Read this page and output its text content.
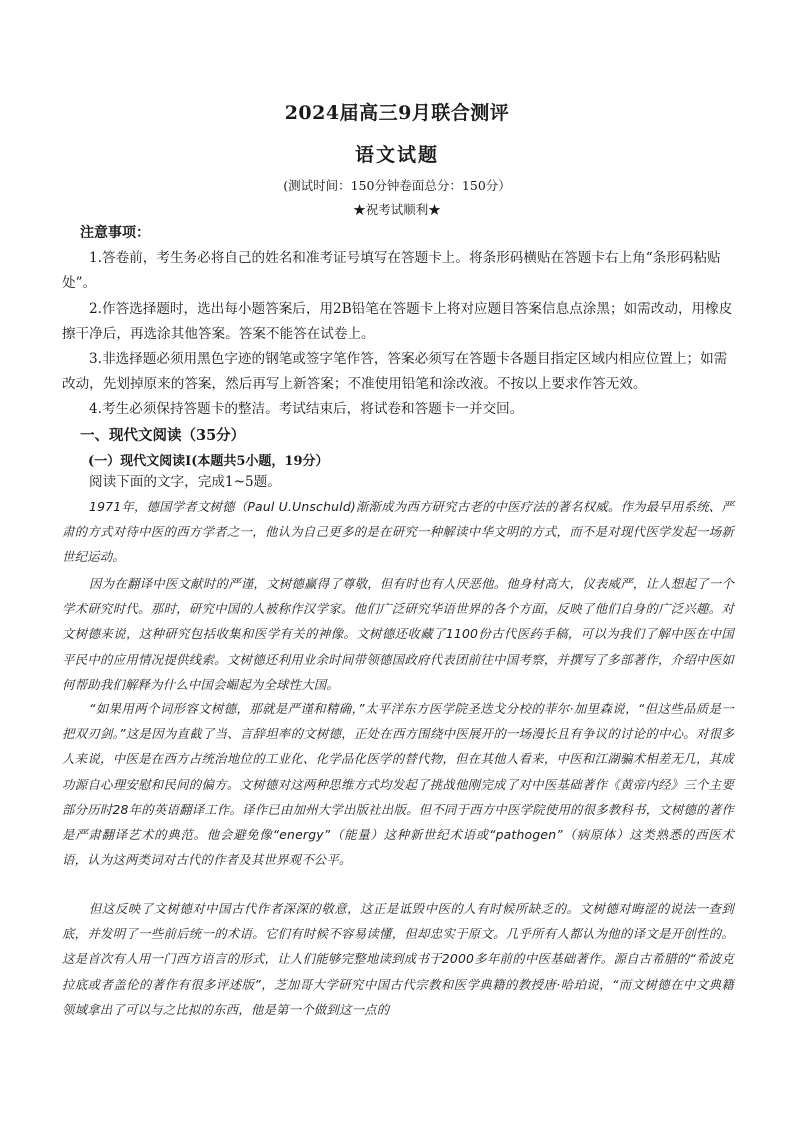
2024届高三9月联合测评
语文试题

(测试时间：150分钟卷面总分：150分）

★祝考试顺利★

注意事项：

1.答卷前，考生务必将自己的姓名和准考证号填写在答题卡上。将条形码横贴在答题卡右上角“条形码粘贴处”。

2.作答选择题时，选出每小题答案后，用2B铅笔在答题卡上将对应题目答案信息点涂黑；如需改动，用橡皮擦干净后，再选涂其他答案。答案不能答在试卷上。

3.非选择题必须用黑色字迹的钢笔或签字笔作答，答案必须写在答题卡各题目指定区域内相应位置上；如需改动，先划掉原来的答案，然后再写上新答案；不准使用铅笔和涂改液。不按以上要求作答无效。

4.考生必须保持答题卡的整洁。考试结束后，将试卷和答题卡一并交回。

一、现代文阅读（35分）

(一）现代文阅读Ⅰ(本题共5小题，19分）

阅读下面的文字，完成1~5题。

1971年，德国学者文树德（Paul U.Unschuld)渐渐成为西方研究古老的中医疗法的著名权威。作为最早用系统、严肃的方式对待中医的西方学者之一，他认为自己更多的是在研究一种解读中华文明的方式，而不是对现代医学发起一场新世纪运动。

因为在翻译中医文献时的严谨，文树德赢得了尊敬，但有时也有人厌恶他。他身材高大，仪表威严，让人想起了一个学术研究时代。那时，研究中国的人被称作汉学家。他们广泛研究华语世界的各个方面，反映了他们自身的广泛兴趣。对文树德来说，这种研究包括收集和医学有关的神像。文树德还收藏了1100份古代医药手稿，可以为我们了解中医在中国平民中的应用情况提供线索。文树德还利用业余时间带领德国政府代表团前往中国考察，并撰写了多部著作，介绍中医如何帮助我们解释为什么中国会崛起为全球性大国。

“如果用两个词形容文树德，那就是严谨和精确，”太平洋东方医学院圣迭戈分校的菲尔·加里森说，“但这些品质是一把双刃剑。”这是因为直截了当、言辞坦率的文树德，正处在西方围绕中医展开的一场漫长且有争议的讨论的中心。对很多人来说，中医是在西方占统治地位的工业化、化学品化医学的替代物，但在其他人看来，中医和江湖骗术相差无几，其成功源自心理安慰和民间的偏方。文树德对这两种思维方式均发起了挑战他刚完成了对中医基础著作《黄帝内经》三个主要部分历时28年的英语翻译工作。译作已由加州大学出版社出版。但不同于西方中医学院使用的很多教科书，文树德的著作是严肃翻译艺术的典范。他会避免像“energy”（能量）这种新世纪术语或“pathogen”（病原体）这类熟悉的西医术语，认为这两类词对古代的作者及其世界观不公平。

但这反映了文树德对中国古代作者深深的敬意，这正是诋毁中医的人有时候所缺乏的。文树德对晦涩的说法一查到底，并发明了一些前后统一的术语。它们有时候不容易读懂，但却忠实于原文。几乎所有人都认为他的译文是开创性的。这是首次有人用一门西方语言的形式，让人们能够完整地读到成书于2000多年前的中医基础著作。源自古希腊的“希波克拉底或者盖伦的著作有很多评述版”，芝加哥大学研究中国古代宗教和医学典籍的教授唐·哈珀说，“而文树德在中文典籍领域拿出了可以与之比拟的东西，他是第一个做到这一点的
